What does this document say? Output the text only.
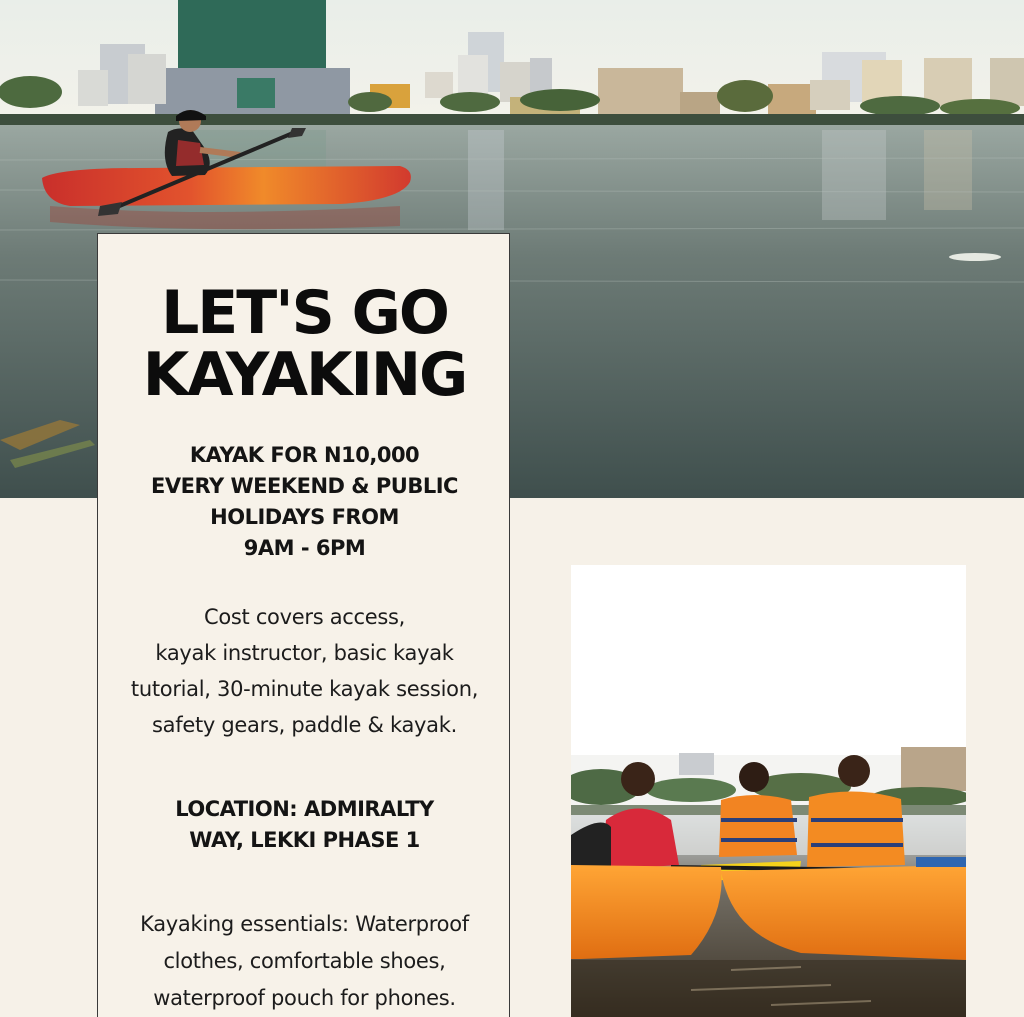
LET'S GO
KAYAKING
KAYAK FOR N10,000
EVERY WEEKEND & PUBLIC
HOLIDAYS FROM
9AM - 6PM
Cost covers access,
kayak instructor, basic kayak
tutorial, 30-minute kayak session,
safety gears, paddle & kayak.
LOCATION: ADMIRALTY
WAY, LEKKI PHASE 1
Kayaking essentials: Waterproof
clothes, comfortable shoes,
waterproof pouch for phones.
